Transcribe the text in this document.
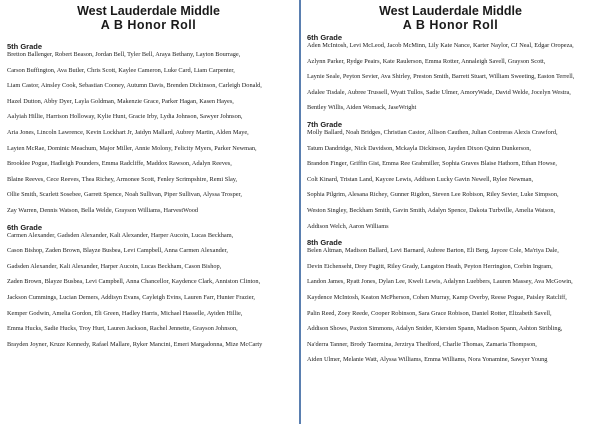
West Lauderdale Middle
A B Honor Roll
5th Grade
Bretton Ballenger, Robert Beason, Jordan Bell, Tyler Bell, Araya Bethany, Layton Bourrage,
Carson Buffington, Ava Butler, Chris Scott, Kaylee Cameron, Luke Card, Liam Carpenter,
Liam Castor, Ainsley Cook, Sebastian Cooney, Autumn Davis, Brenden Dickinson, Carleigh Donald,
Hazel Dutton, Abby Dyer, Layla Goldman, Makenzie Grace, Parker Hagan, Kasen Hayes,
Aalyiah Hillie, Harrison Holloway, Kylie Hunt, Gracie Irby, Lydia Johnson, Sawyer Johnson,
Aria Jones, Lincoln Lawrence, Kevin Lockhart Jr, Jaidyn Mallard, Aubrey Martin, Alden Maye,
Layten McRae, Dominic Meachum, Major Miller, Annie Molony, Felicity Myers, Parker Newman,
Brooklee Pogue, Hadleigh Pounders, Emma Radcliffe, Maddox Rawson, Adalyn Reeves,
Blaine Reeves, Cece Reeves, Thea Richey, Armonee Scott, Fenley Scrimpshire, Remi Slay,
Ollie Smith, Scarlett Sosebee, Garrett Spence, Noah Sullivan, Piper Sullivan, Alyssa Trosper,
Zay Warren, Dennis Watson, Bella Welde, Grayson Williams, HarvestWood
6th Grade
Carmen Alexander, Gadsden Alexander, Kali Alexander, Harper Aucoin, Lucas Beckham,
Cason Bishop, Zaden Brown, Blayze Busbea, Levi Campbell, Anna Carmen Alexander,
Gadsden Alexander, Kali Alexander, Harper Aucoin, Lucas Beckham, Cason Bishop,
Zaden Brown, Blayze Busbea, Levi Campbell, Anna Chancellor, Kaydence Clark, Anniston Clinton,
Jackson Cummings, Lucian Demers, Addisyn Evans, Cayleigh Evins, Lauren Farr, Hunter Frazier,
Kemper Godwin, Amelia Gordon, Eli Green, Hadley Harris, Michael Hasselle, Ayiden Hillie,
Emma Hucks, Sadie Hucks, Troy Hurt, Lauren Jackson, Rachel Jennette, Grayson Johnson,
Brayden Joyner, Kruze Kennedy, Rafael Mallare, Ryker Mancini, Emeri Margadonna, Mize McCarty
West Lauderdale Middle
A B Honor Roll
6th Grade
Aden McIntosh, Levi McLeod, Jacob McMinn, Lily Kate Nance, Karter Naylor, CJ Neal, Edgar Oropeza,
Azlynn Parker, Rydge Peairs, Kate Raulerson, Emma Rotter, Annaleigh Savell, Grayson Scott,
Laynie Seale, Peyton Sevier, Ava Shirley, Preston Smith, Barrett Stuart, William Sweeting, Easton Terrell,
Adalee Tisdale, Aubree Trussell, Wyatt Tullos, Sadie Ulmer, AmoryWade, David Welde, Jocelyn Westra,
Bentley Willis, Aiden Womack, JaseWright
7th Grade
Molly Ballard, Noah Bridges, Christian Castor, Allison Cauthen, Julian Contreras Alexis Crawford,
Tatum Dandridge, Nick Davidson, Mckayla Dickinson, Jayden Dixon Quinn Dunkerson,
Brandon Finger, Griffin Gist, Emma Ree Grabmiller, Sophia Graves Blaise Hathorn, Ethan Howse,
Colt Kinard, Tristan Land, Kaycee Lewis, Addison Lucky Gavin Newell, Rylee Newman,
Sophia Pilgrim, Alesana Richey, Gunner Rigdon, Steven Lee Robison, Riley Sevier, Luke Simpson,
Weston Singley, Beckham Smith, Gavin Smith, Adalyn Spence, Dakota Turbville, Amelia Watson,
Addison Welch, Aaron Williams
8th Grade
Belen Altman, Madison Ballard, Levi Barnard, Aubree Barton, Eli Berg, Jaycee Cole, Ma'riya Dale,
Devin Eichenseht, Drey Fugitt, Riley Grady, Langston Heath, Peyton Herrington, Corbin Ingram,
Landon James, Ryatt Jones, Dylan Lee, Kweli Lewis, Adalynn Luebbers, Lauren Massey, Ava McGowin,
Kaydence McIntosh, Keaton McPherson, Cohen Murray, Kamp Overby, Reese Pogue, Paisley Ratcliff,
Palin Reed, Zoey Reede, Cooper Robinson, Sara Grace Robison, Daniel Rotter, Elizabeth Savell,
Addison Shows, Paxton Simmons, Adalyn Snider, Kiersten Spann, Madison Spann, Ashton Stribling,
Na'derra Tanner, Brody Taormina, Jerzirya Thedford, Charlie Thomas, Zamaria Thompson,
Aiden Ulmer, Melanie Watt, Alyssa Williams, Emma Williams, Nora Yonamine, Sawyer Young
